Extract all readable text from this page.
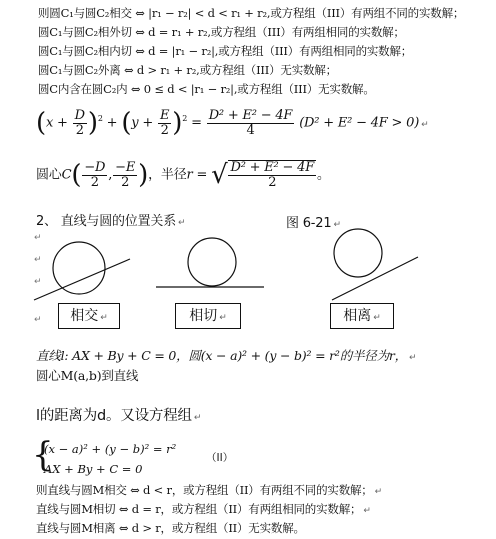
则圆C₁与圆C₂相交 ⇔ |r₁ − r₂| < d < r₁ + r₂,或方程组（III）有两组不同的实数解；
圆C₁与圆C₂相外切 ⇔ d = r₁ + r₂,或方程组（III）有两组相同的实数解；
圆C₁与圆C₂相内切 ⇔ d = |r₁ − r₂|,或方程组（III）有两组相同的实数解；
圆C₁与圆C₂外离 ⇔ d > r₁ + r₂,或方程组（III）无实数解；
圆C内含在圆C₂内 ⇔ 0 ≤ d < |r₁ − r₂|,或方程组（III）无实数解。
$(x + \frac{D}{2} )^2 + (y + \frac{E}{2} )^2 = \frac{\text{D² + E² − 4F}}{4} (D^2 + E^2 - 4F > 0)$ ↵
圆心$C( \frac{-D}{2}$ , $\frac{-E}{2}$ )，半径r = √ $\frac{\text{D² + E² − 4F}}{2}$ 。
2、 直线与圆的位置关系 ↵	图 6-21 ↵
↵
↵
↵
↵	相交 ↵	相切 ↵	相离 ↵
直线l: AX + By + C = 0，圆(x − a)² + (y − b)² = r²的半径为r， ↵
圆心M(a,b)到直线
l的距离为d。又设方程组 ↵
{
(x − a)² + (y − b)² = r²
（II）
AX + By + C = 0
则直线与圆M相交 ⇔ d < r，或方程组（II）有两组不同的实数解； ↵
直线与圆M相切 ⇔ d = r，或方程组（II）有两组相同的实数解； ↵
直线与圆M相离 ⇔ d > r，或方程组（II）无实数解。
